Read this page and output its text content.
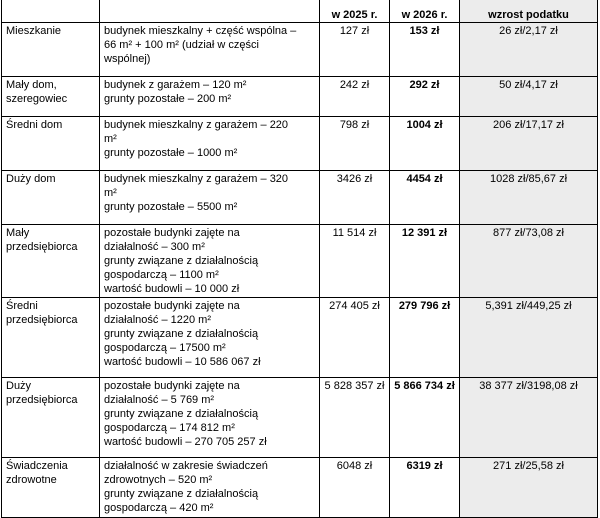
		w 2025 r.	w 2026 r.	wzrost podatku
Mieszkanie	budynek mieszkalny + część wspólna –
66 m² + 100 m² (udział w części
wspólnej)	127 zł	153 zł	26 zł/2,17 zł
Mały dom, szeregowiec	budynek z garażem – 120 m²
grunty pozostałe – 200 m²	242 zł	292 zł	50 zł/4,17 zł
Średni dom	budynek mieszkalny z garażem – 220
m²
grunty pozostałe – 1000 m²	798 zł	1004 zł	206 zł/17,17 zł
Duży dom	budynek mieszkalny z garażem – 320
m²
grunty pozostałe – 5500 m²	3426 zł	4454 zł	1028 zł/85,67 zł
Mały przedsiębiorca	pozostałe budynki zajęte na
działalność – 300 m²
grunty związane z działalnością
gospodarczą – 1100 m²
wartość budowli – 10 000 zł	11 514 zł	12 391 zł	877 zł/73,08 zł
Średni przedsiębiorca	pozostałe budynki zajęte na
działalność – 1220 m²
grunty związane z działalnością
gospodarczą – 17500 m²
wartość budowli – 10 586 067 zł	274 405 zł	279 796 zł	5,391 zł/449,25 zł
Duży przedsiębiorca	pozostałe budynki zajęte na
działalność – 5 769 m²
grunty związane z działalnością
gospodarczą – 174 812 m²
wartość budowli – 270 705 257 zł	5 828 357 zł	5 866 734 zł	38 377 zł/3198,08 zł
Świadczenia zdrowotne	działalność w zakresie świadczeń
zdrowotnych – 520 m²
grunty związane z działalnością
gospodarczą – 420 m²	6048 zł	6319 zł	271 zł/25,58 zł
